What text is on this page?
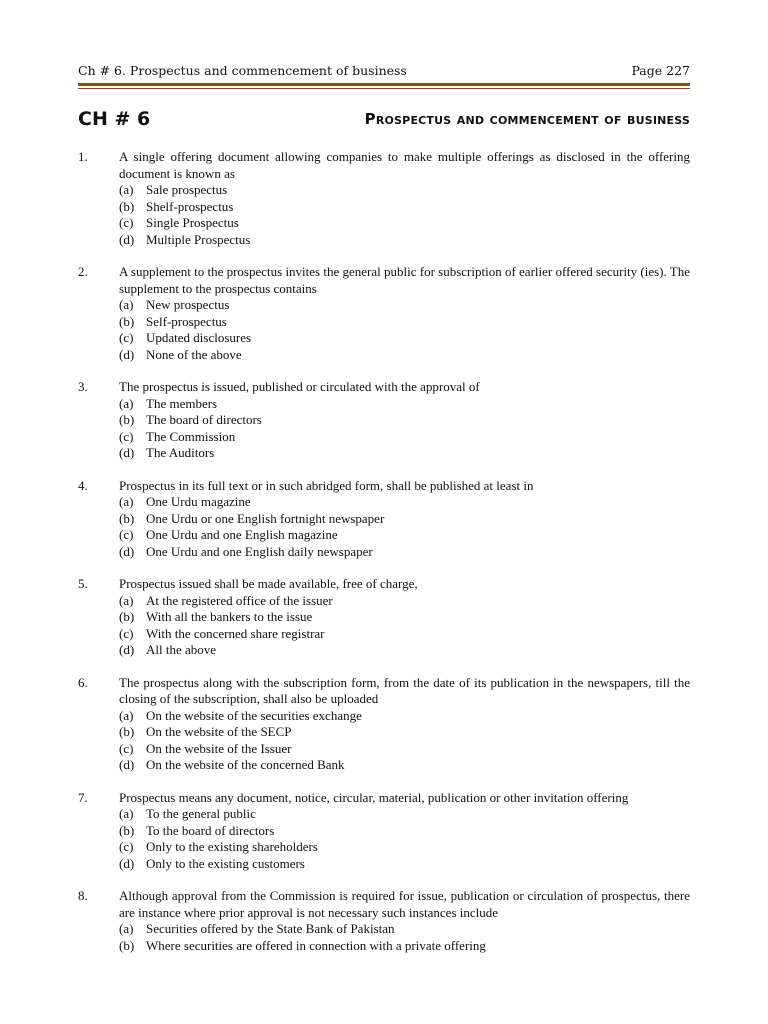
Ch # 6. Prospectus and commencement of business	Page 227
CH # 6	Prospectus and commencement of business
1. A single offering document allowing companies to make multiple offerings as disclosed in the offering document is known as
(a) Sale prospectus
(b) Shelf-prospectus
(c) Single Prospectus
(d) Multiple Prospectus
2. A supplement to the prospectus invites the general public for subscription of earlier offered security (ies). The supplement to the prospectus contains
(a) New prospectus
(b) Self-prospectus
(c) Updated disclosures
(d) None of the above
3. The prospectus is issued, published or circulated with the approval of
(a) The members
(b) The board of directors
(c) The Commission
(d) The Auditors
4. Prospectus in its full text or in such abridged form, shall be published at least in
(a) One Urdu magazine
(b) One Urdu or one English fortnight newspaper
(c) One Urdu and one English magazine
(d) One Urdu and one English daily newspaper
5. Prospectus issued shall be made available, free of charge,
(a) At the registered office of the issuer
(b) With all the bankers to the issue
(c) With the concerned share registrar
(d) All the above
6. The prospectus along with the subscription form, from the date of its publication in the newspapers, till the closing of the subscription, shall also be uploaded
(a) On the website of the securities exchange
(b) On the website of the SECP
(c) On the website of the Issuer
(d) On the website of the concerned Bank
7. Prospectus means any document, notice, circular, material, publication or other invitation offering
(a) To the general public
(b) To the board of directors
(c) Only to the existing shareholders
(d) Only to the existing customers
8. Although approval from the Commission is required for issue, publication or circulation of prospectus, there are instance where prior approval is not necessary such instances include
(a) Securities offered by the State Bank of Pakistan
(b) Where securities are offered in connection with a private offering
